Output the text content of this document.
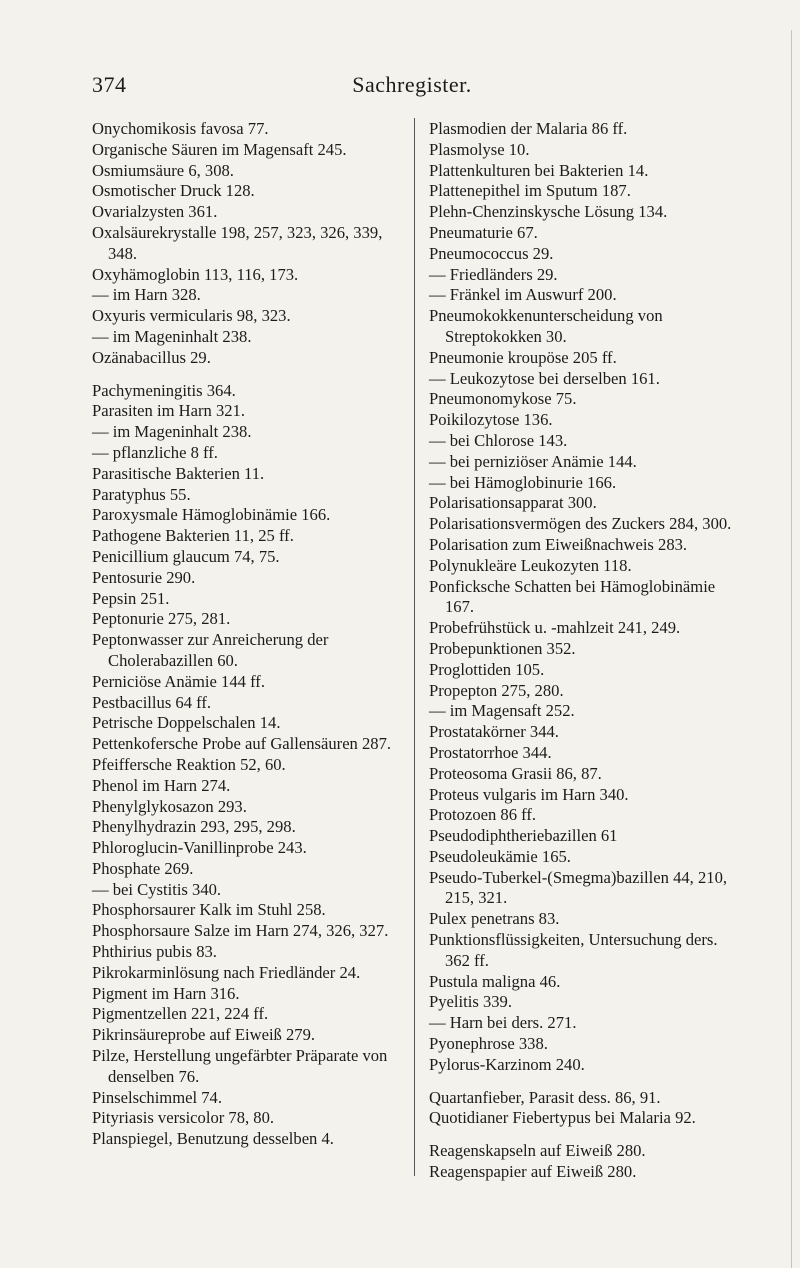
374	Sachregister.
Onychomikosis favosa 77.
Organische Säuren im Magensaft 245.
Osmiumsäure 6, 308.
Osmotischer Druck 128.
Ovarialzysten 361.
Oxalsäurekrystalle 198, 257, 323, 326, 339, 348.
Oxyhämoglobin 113, 116, 173.
— im Harn 328.
Oxyuris vermicularis 98, 323.
— im Mageninhalt 238.
Ozänabacillus 29.
Pachymeningitis 364.
Parasiten im Harn 321.
— im Mageninhalt 238.
— pflanzliche 8 ff.
Parasitische Bakterien 11.
Paratyphus 55.
Paroxysmale Hämoglobinämie 166.
Pathogene Bakterien 11, 25 ff.
Penicillium glaucum 74, 75.
Pentosurie 290.
Pepsin 251.
Peptonurie 275, 281.
Peptonwasser zur Anreicherung der Cholerabazillen 60.
Perniciöse Anämie 144 ff.
Pestbacillus 64 ff.
Petrische Doppelschalen 14.
Pettenkofersche Probe auf Gallensäuren 287.
Pfeiffersche Reaktion 52, 60.
Phenol im Harn 274.
Phenylglykosazon 293.
Phenylhydrazin 293, 295, 298.
Phloroglucin-Vanillinprobe 243.
Phosphate 269.
— bei Cystitis 340.
Phosphorsaurer Kalk im Stuhl 258.
Phosphorsaure Salze im Harn 274, 326, 327.
Phthirius pubis 83.
Pikrokarminlösung nach Friedländer 24.
Pigment im Harn 316.
Pigmentzellen 221, 224 ff.
Pikrinsäureprobe auf Eiweiß 279.
Pilze, Herstellung ungefärbter Präparate von denselben 76.
Pinselschimmel 74.
Pityriasis versicolor 78, 80.
Planspiegel, Benutzung desselben 4.
Plasmodien der Malaria 86 ff.
Plasmolyse 10.
Plattenkulturen bei Bakterien 14.
Plattenepithel im Sputum 187.
Plehn-Chenzinskysche Lösung 134.
Pneumaturie 67.
Pneumococcus 29.
— Friedländers 29.
— Fränkel im Auswurf 200.
Pneumokokkenunterscheidung von Streptokokken 30.
Pneumonie kroupöse 205 ff.
— Leukozytose bei derselben 161.
Pneumonomykose 75.
Poikilozytose 136.
— bei Chlorose 143.
— bei perniziöser Anämie 144.
— bei Hämoglobinurie 166.
Polarisationsapparat 300.
Polarisationsvermögen des Zuckers 284, 300.
Polarisation zum Eiweißnachweis 283.
Polynukleäre Leukozyten 118.
Ponficksche Schatten bei Hämoglobinämie 167.
Probefrühstück u. -mahlzeit 241, 249.
Probepunktionen 352.
Proglottiden 105.
Propepton 275, 280.
— im Magensaft 252.
Prostatakörner 344.
Prostatorrhoe 344.
Proteosoma Grasii 86, 87.
Proteus vulgaris im Harn 340.
Protozoen 86 ff.
Pseudodiphtheriebazillen 61
Pseudoleukämie 165.
Pseudo-Tuberkel-(Smegma)bazillen 44, 210, 215, 321.
Pulex penetrans 83.
Punktionsflüssigkeiten, Untersuchung ders. 362 ff.
Pustula maligna 46.
Pyelitis 339.
— Harn bei ders. 271.
Pyonephrose 338.
Pylorus-Karzinom 240.
Quartanfieber, Parasit dess. 86, 91.
Quotidianer Fiebertypus bei Malaria 92.
Reagenskapseln auf Eiweiß 280.
Reagenspapier auf Eiweiß 280.
